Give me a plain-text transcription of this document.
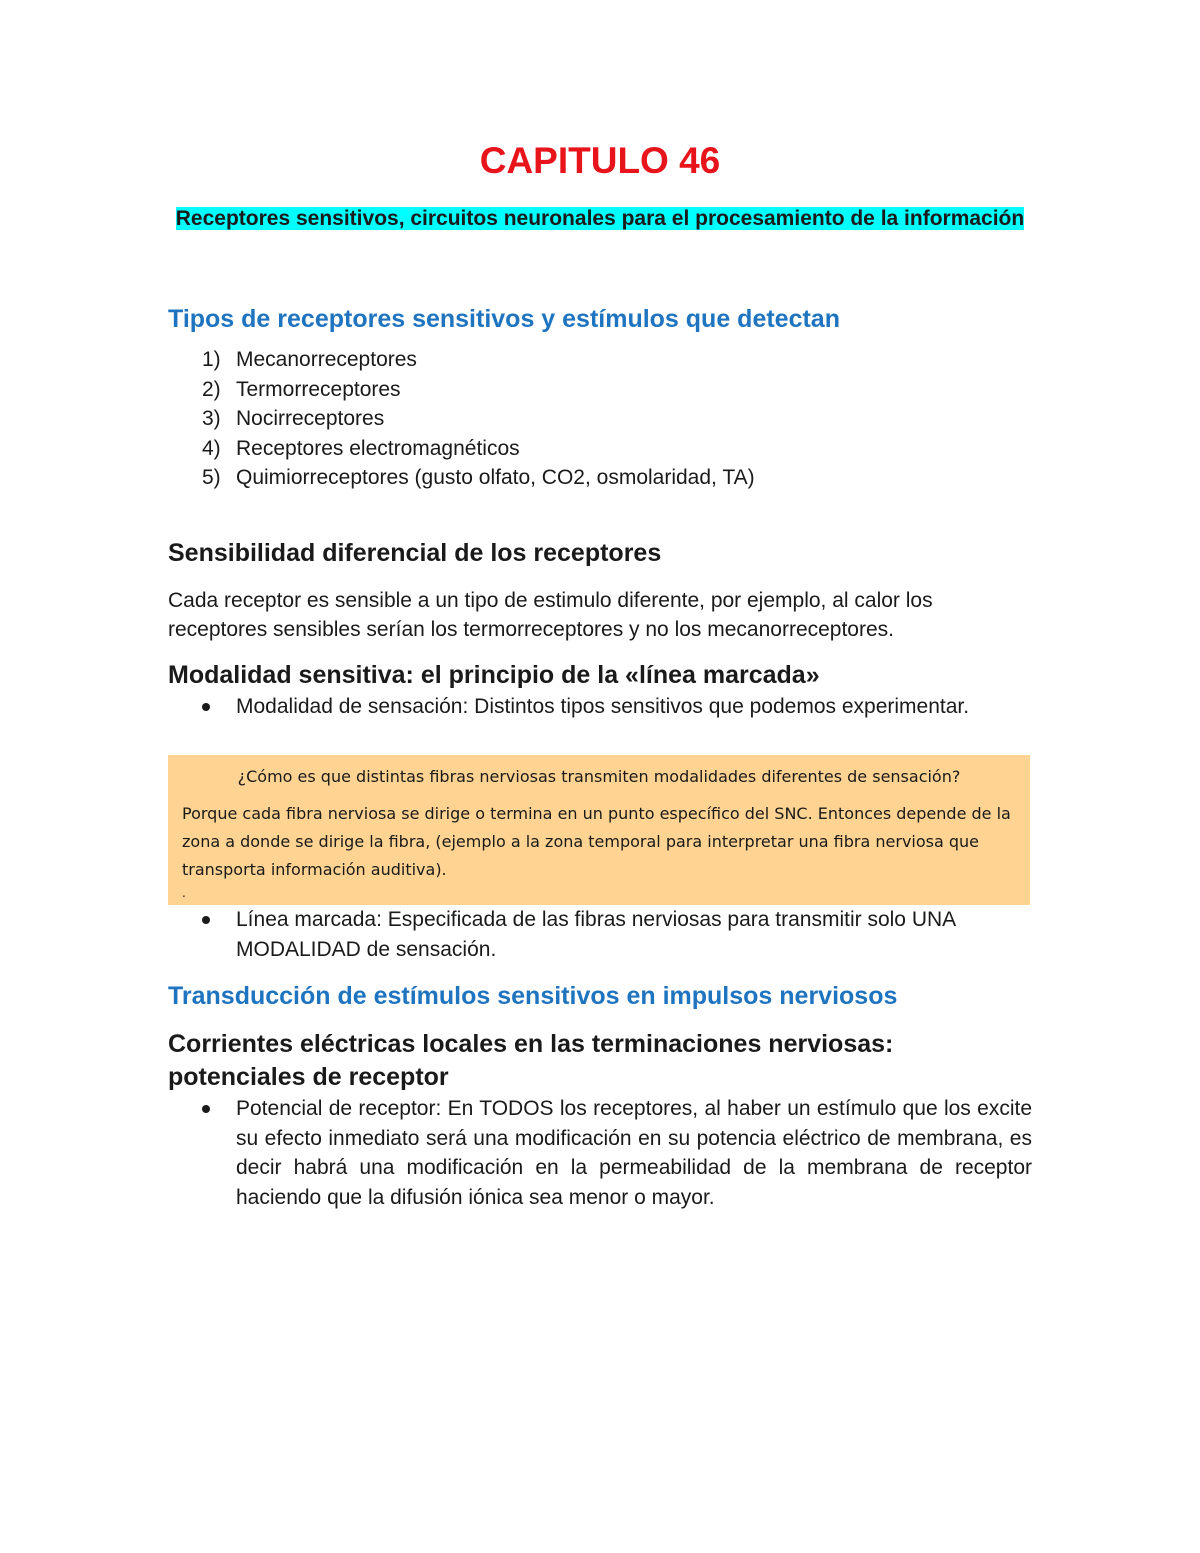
CAPITULO 46

Receptores sensitivos, circuitos neuronales para el procesamiento de la información

Tipos de receptores sensitivos y estímulos que detectan
1) Mecanorreceptores
2) Termorreceptores
3) Nocirreceptores
4) Receptores electromagnéticos
5) Quimiorreceptores (gusto olfato, CO2, osmolaridad, TA)
Sensibilidad diferencial de los receptores

Cada receptor es sensible a un tipo de estimulo diferente, por ejemplo, al calor los receptores sensibles serían los termorreceptores y no los mecanorreceptores.

Modalidad sensitiva: el principio de la «línea marcada»
Modalidad de sensación: Distintos tipos sensitivos que podemos experimentar.
¿Cómo es que distintas fibras nerviosas transmiten modalidades diferentes de sensación?
Porque cada fibra nerviosa se dirige o termina en un punto específico del SNC. Entonces depende de la zona a donde se dirige la fibra, (ejemplo a la zona temporal para interpretar una fibra nerviosa que transporta información auditiva).
.
Línea marcada: Especificada de las fibras nerviosas para transmitir solo UNA MODALIDAD de sensación.
Transducción de estímulos sensitivos en impulsos nerviosos
Corrientes eléctricas locales en las terminaciones nerviosas: potenciales de receptor
Potencial de receptor: En TODOS los receptores, al haber un estímulo que los excite su efecto inmediato será una modificación en su potencia eléctrico de membrana, es decir habrá una modificación en la permeabilidad de la membrana de receptor haciendo que la difusión iónica sea menor o mayor.
